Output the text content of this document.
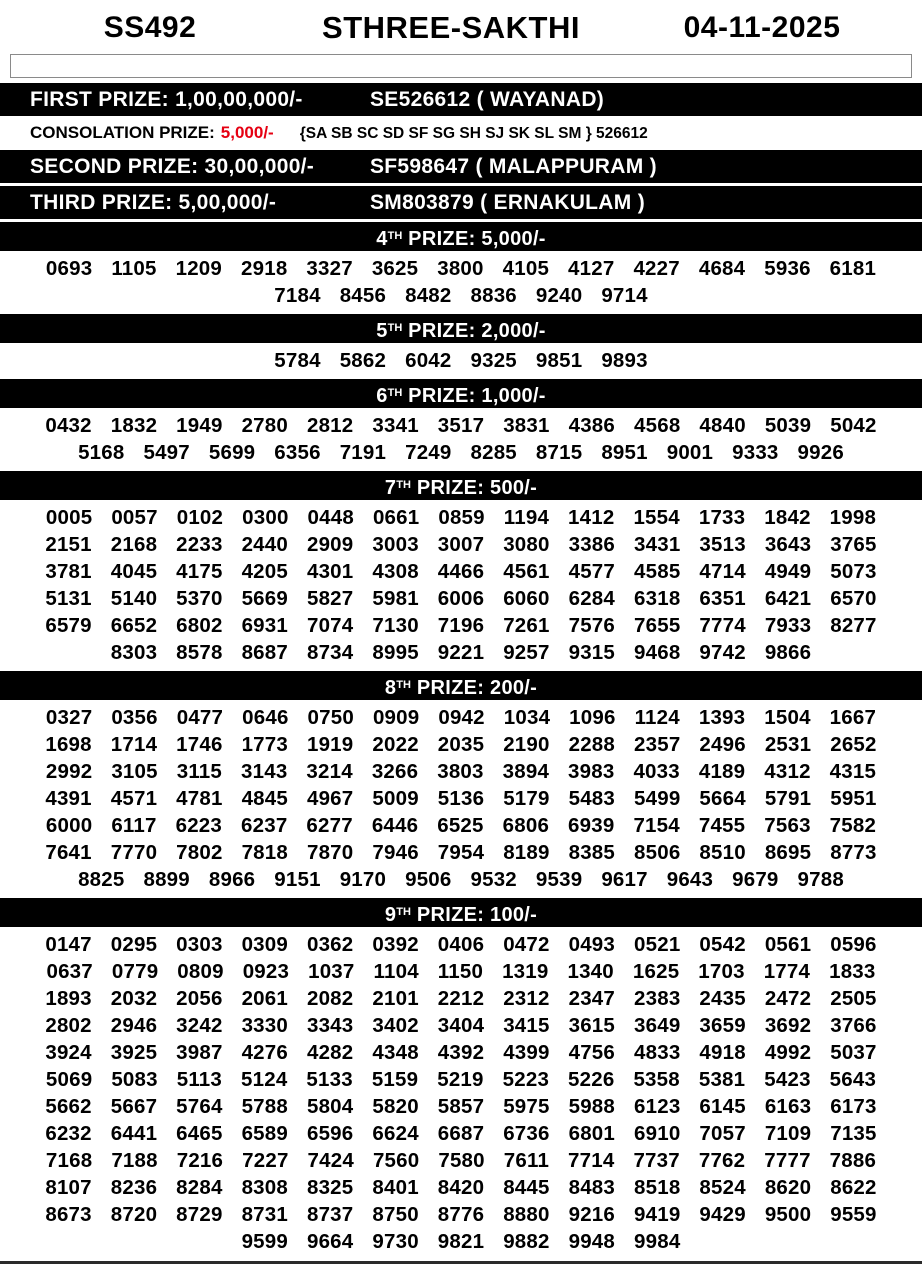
SS492	STHREE-SAKTHI	04-11-2025
FIRST PRIZE: 1,00,00,000/-	SE526612 ( WAYANAD)
CONSOLATION PRIZE: 5,000/- {SA SB SC SD SF SG SH SJ SK SL SM } 526612
SECOND PRIZE: 30,00,000/-	SF598647 ( MALAPPURAM )
THIRD PRIZE: 5,00,000/-	SM803879 ( ERNAKULAM )
4TH PRIZE: 5,000/-
0693 1105 1209 2918 3327 3625 3800 4105 4127 4227 4684 5936 6181
7184 8456 8482 8836 9240 9714
5TH PRIZE: 2,000/-
5784 5862 6042 9325 9851 9893
6TH PRIZE: 1,000/-
0432 1832 1949 2780 2812 3341 3517 3831 4386 4568 4840 5039 5042
5168 5497 5699 6356 7191 7249 8285 8715 8951 9001 9333 9926
7TH PRIZE: 500/-
0005 0057 0102 0300 0448 0661 0859 1194 1412 1554 1733 1842 1998
2151 2168 2233 2440 2909 3003 3007 3080 3386 3431 3513 3643 3765
3781 4045 4175 4205 4301 4308 4466 4561 4577 4585 4714 4949 5073
5131 5140 5370 5669 5827 5981 6006 6060 6284 6318 6351 6421 6570
6579 6652 6802 6931 7074 7130 7196 7261 7576 7655 7774 7933 8277
8303 8578 8687 8734 8995 9221 9257 9315 9468 9742 9866
8TH PRIZE: 200/-
0327 0356 0477 0646 0750 0909 0942 1034 1096 1124 1393 1504 1667
1698 1714 1746 1773 1919 2022 2035 2190 2288 2357 2496 2531 2652
2992 3105 3115 3143 3214 3266 3803 3894 3983 4033 4189 4312 4315
4391 4571 4781 4845 4967 5009 5136 5179 5483 5499 5664 5791 5951
6000 6117 6223 6237 6277 6446 6525 6806 6939 7154 7455 7563 7582
7641 7770 7802 7818 7870 7946 7954 8189 8385 8506 8510 8695 8773
8825 8899 8966 9151 9170 9506 9532 9539 9617 9643 9679 9788
9TH PRIZE: 100/-
0147 0295 0303 0309 0362 0392 0406 0472 0493 0521 0542 0561 0596
0637 0779 0809 0923 1037 1104 1150 1319 1340 1625 1703 1774 1833
1893 2032 2056 2061 2082 2101 2212 2312 2347 2383 2435 2472 2505
2802 2946 3242 3330 3343 3402 3404 3415 3615 3649 3659 3692 3766
3924 3925 3987 4276 4282 4348 4392 4399 4756 4833 4918 4992 5037
5069 5083 5113 5124 5133 5159 5219 5223 5226 5358 5381 5423 5643
5662 5667 5764 5788 5804 5820 5857 5975 5988 6123 6145 6163 6173
6232 6441 6465 6589 6596 6624 6687 6736 6801 6910 7057 7109 7135
7168 7188 7216 7227 7424 7560 7580 7611 7714 7737 7762 7777 7886
8107 8236 8284 8308 8325 8401 8420 8445 8483 8518 8524 8620 8622
8673 8720 8729 8731 8737 8750 8776 8880 9216 9419 9429 9500 9559
9599 9664 9730 9821 9882 9948 9984
